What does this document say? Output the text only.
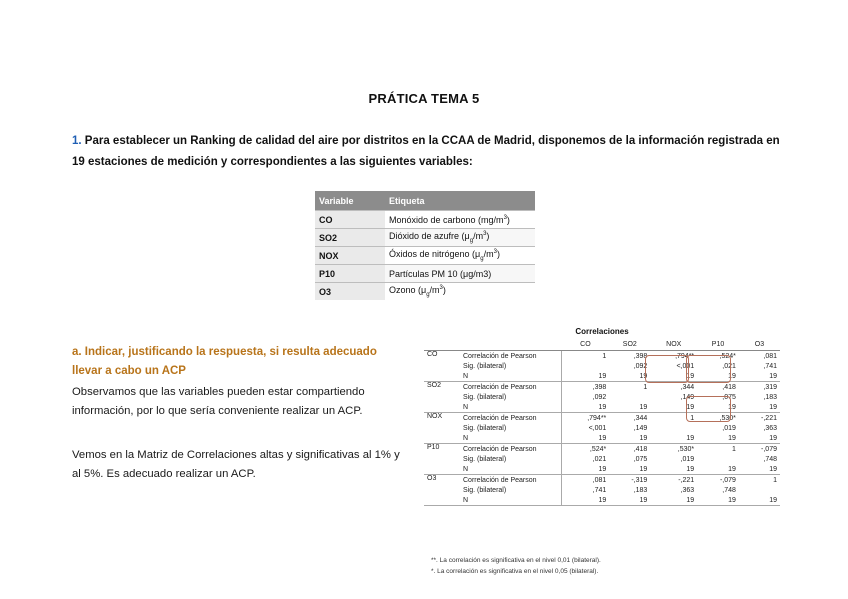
PRÁTICA TEMA 5
1. Para establecer un Ranking de calidad del aire por distritos en la CCAA de Madrid, disponemos de la información registrada en 19 estaciones de medición y correspondientes a las siguientes variables:
Variable	Etiqueta
CO	Monóxido de carbono $(mg/m^3)$
SO2	Dióxido de azufre $(\mu_g/m^3)$
NOX	Óxidos de nitrógeno $(\mu_g/m^3)$
P10	Partículas PM 10 (μg/m3)
O3	Ozono $(\mu_g/m^3)$
a. Indicar, justificando la respuesta, si resulta adecuado llevar a cabo un ACP
Observamos que las variables pueden estar compartiendo información, por lo que sería conveniente realizar un ACP.
Vemos en la Matriz de Correlaciones altas y significativas al 1% y al 5%. Es adecuado realizar un ACP.
Correlaciones
		CO	SO2	NOX	P10	O3
CO	Correlación de Pearson	1	,398	,794**	,524*	,081
	Sig. (bilateral)		,092	<,001	,021	,741
	N	19	19	19	19	19
SO2	Correlación de Pearson	,398	1	,344	,418	,319
	Sig. (bilateral)	,092		,149	,075	,183
	N	19	19	19	19	19
NOX	Correlación de Pearson	,794**	,344	1	,530*	-,221
	Sig. (bilateral)	<,001	,149		,019	,363
	N	19	19	19	19	19
P10	Correlación de Pearson	,524*	,418	,530*	1	-,079
	Sig. (bilateral)	,021	,075	,019		,748
	N	19	19	19	19	19
O3	Correlación de Pearson	,081	-,319	-,221	-,079	1
	Sig. (bilateral)	,741	,183	,363	,748	
	N	19	19	19	19	19
**. La correlación es significativa en el nivel 0,01 (bilateral).
*. La correlación es significativa en el nivel 0,05 (bilateral).
